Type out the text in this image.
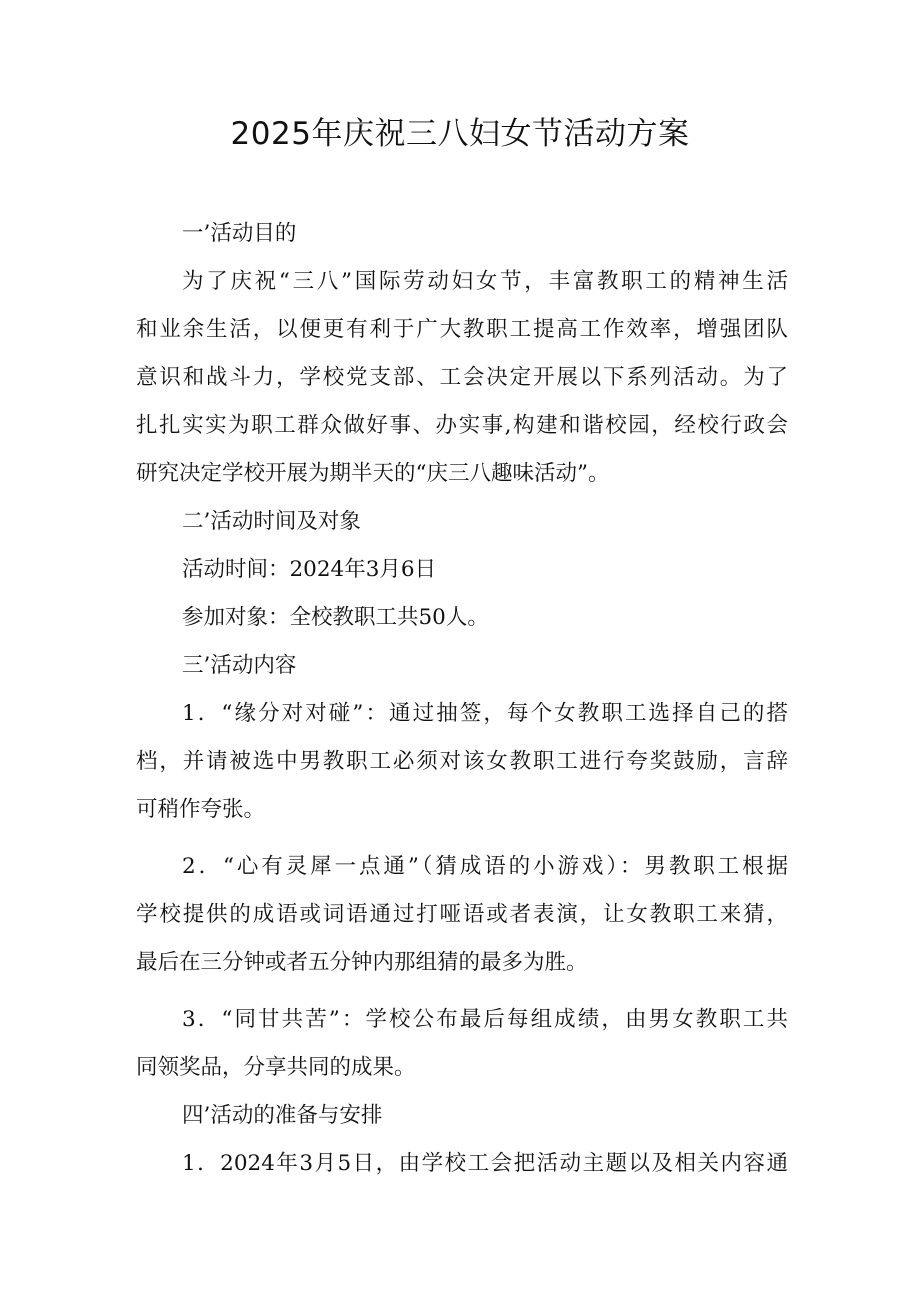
2025年庆祝三八妇女节活动方案
一’活动目的
为了庆祝“三八”国际劳动妇女节，丰富教职工的精神生活
和业余生活，以便更有利于广大教职工提高工作效率，增强团队
意识和战斗力，学校党支部、工会决定开展以下系列活动。为了
扎扎实实为职工群众做好事、办实事,构建和谐校园，经校行政会
研究决定学校开展为期半天的“庆三八趣味活动”。
二’活动时间及对象
活动时间：2024年3月6日
参加对象：全校教职工共50人。
三’活动内容
1．“缘分对对碰”：通过抽签，每个女教职工选择自己的搭
档，并请被选中男教职工必须对该女教职工进行夸奖鼓励，言辞
可稍作夸张。
2．“心有灵犀一点通”（猜成语的小游戏）：男教职工根据
学校提供的成语或词语通过打哑语或者表演，让女教职工来猜，
最后在三分钟或者五分钟内那组猜的最多为胜。
3．“同甘共苦”：学校公布最后每组成绩，由男女教职工共
同领奖品，分享共同的成果。
四’活动的准备与安排
1．2024年3月5日，由学校工会把活动主题以及相关内容通
